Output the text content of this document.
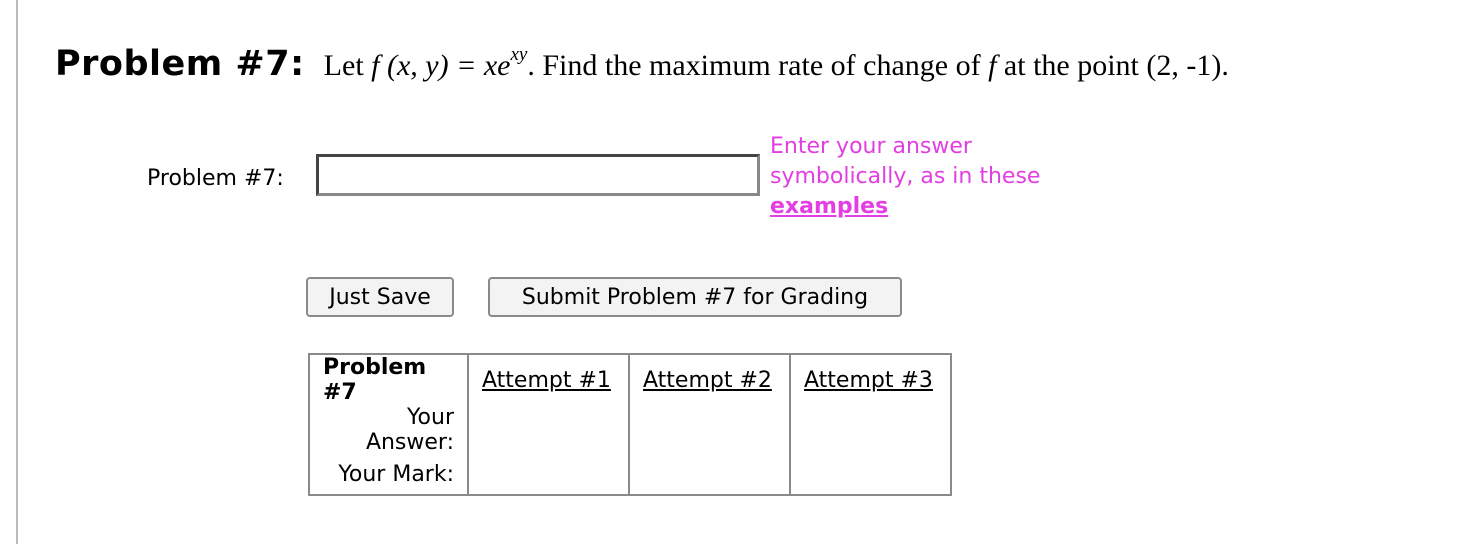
Problem #7: Let f (x, $y) = xe^{xy}$. Find the maximum rate of change of f at the point (2, -1).
Problem #7:
Enter your answer
symbolically, as in these
examples
Just Save	Submit Problem #7 for Grading
Problem #7	Attempt #1	Attempt #2	Attempt #3
Your Answer:			
Your Mark:			
